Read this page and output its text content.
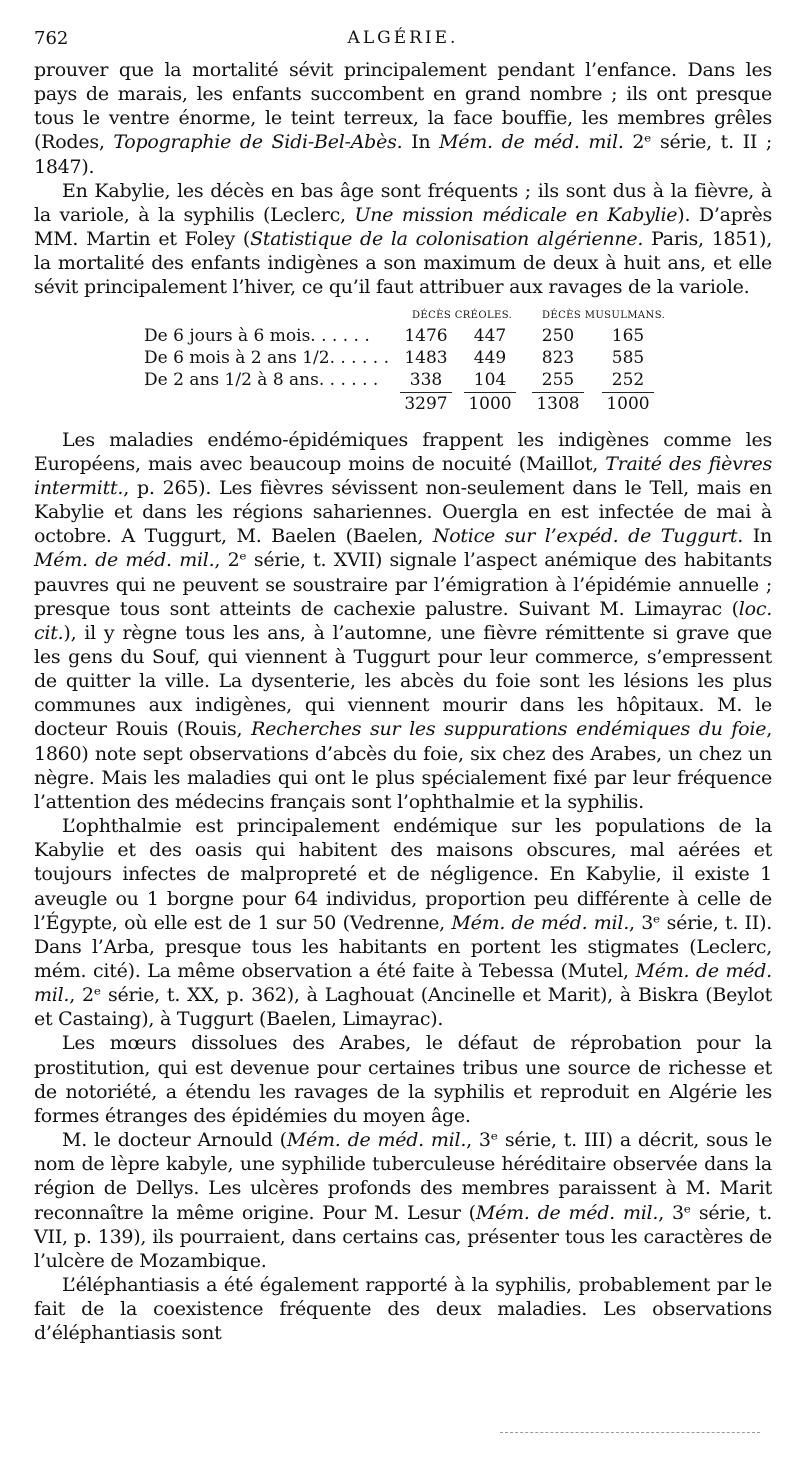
762	ALGÉRIE.

prouver que la mortalité sévit principalement pendant l’enfance. Dans les pays de marais, les enfants succombent en grand nombre ; ils ont presque tous le ventre énorme, le teint terreux, la face bouffie, les membres grêles (Rodes, Topographie de Sidi-Bel-Abès. In Mém. de méd. mil. 2ᵉ série, t. II ; 1847).

En Kabylie, les décès en bas âge sont fréquents ; ils sont dus à la fièvre, à la variole, à la syphilis (Leclerc, Une mission médicale en Kabylie). D’après MM. Martin et Foley (Statistique de la colonisation algérienne. Paris, 1851), la mortalité des enfants indigènes a son maximum de deux à huit ans, et elle sévit principalement l’hiver, ce qu’il faut attribuer aux ravages de la variole.

DÉCÈS CRÉOLES.	DÉCÈS MUSULMANS.
De 6 jours à 6 mois. . . . . .	1476	447	250	165
De 6 mois à 2 ans 1/2. . . . . . 1483	449	823	585
De 2 ans 1/2 à 8 ans. . . . . .	338	104	255	252
3297	1000	1308	1000

Les maladies endémo-épidémiques frappent les indigènes comme les Européens, mais avec beaucoup moins de nocuité (Maillot, Traité des fièvres intermitt., p. 265). Les fièvres sévissent non-seulement dans le Tell, mais en Kabylie et dans les régions sahariennes. Ouergla en est infectée de mai à octobre. A Tuggurt, M. Baelen (Baelen, Notice sur l’expéd. de Tuggurt. In Mém. de méd. mil., 2ᵉ série, t. XVII) signale l’aspect anémique des habitants pauvres qui ne peuvent se soustraire par l’émigration à l’épidémie annuelle ; presque tous sont atteints de cachexie palustre. Suivant M. Limayrac (loc. cit.), il y règne tous les ans, à l’automne, une fièvre rémittente si grave que les gens du Souf, qui viennent à Tuggurt pour leur commerce, s’empressent de quitter la ville. La dysenterie, les abcès du foie sont les lésions les plus communes aux indigènes, qui viennent mourir dans les hôpitaux. M. le docteur Rouis (Rouis, Recherches sur les suppurations endémiques du foie, 1860) note sept observations d’abcès du foie, six chez des Arabes, un chez un nègre. Mais les maladies qui ont le plus spécialement fixé par leur fréquence l’attention des médecins français sont l’ophthalmie et la syphilis.

L’ophthalmie est principalement endémique sur les populations de la Kabylie et des oasis qui habitent des maisons obscures, mal aérées et toujours infectes de malpropreté et de négligence. En Kabylie, il existe 1 aveugle ou 1 borgne pour 64 individus, proportion peu différente à celle de l’Égypte, où elle est de 1 sur 50 (Vedrenne, Mém. de méd. mil., 3ᵉ série, t. II). Dans l’Arba, presque tous les habitants en portent les stigmates (Leclerc, mém. cité). La même observation a été faite à Tebessa (Mutel, Mém. de méd. mil., 2ᵉ série, t. XX, p. 362), à Laghouat (Ancinelle et Marit), à Biskra (Beylot et Castaing), à Tuggurt (Baelen, Limayrac).

Les mœurs dissolues des Arabes, le défaut de réprobation pour la prostitution, qui est devenue pour certaines tribus une source de richesse et de notoriété, a étendu les ravages de la syphilis et reproduit en Algérie les formes étranges des épidémies du moyen âge.

M. le docteur Arnould (Mém. de méd. mil., 3ᵉ série, t. III) a décrit, sous le nom de lèpre kabyle, une syphilide tuberculeuse héréditaire observée dans la région de Dellys. Les ulcères profonds des membres paraissent à M. Marit reconnaître la même origine. Pour M. Lesur (Mém. de méd. mil., 3ᵉ série, t. VII, p. 139), ils pourraient, dans certains cas, présenter tous les caractères de l’ulcère de Mozambique.

L’éléphantiasis a été également rapporté à la syphilis, probablement par le fait de la coexistence fréquente des deux maladies. Les observations d’éléphantiasis sont
